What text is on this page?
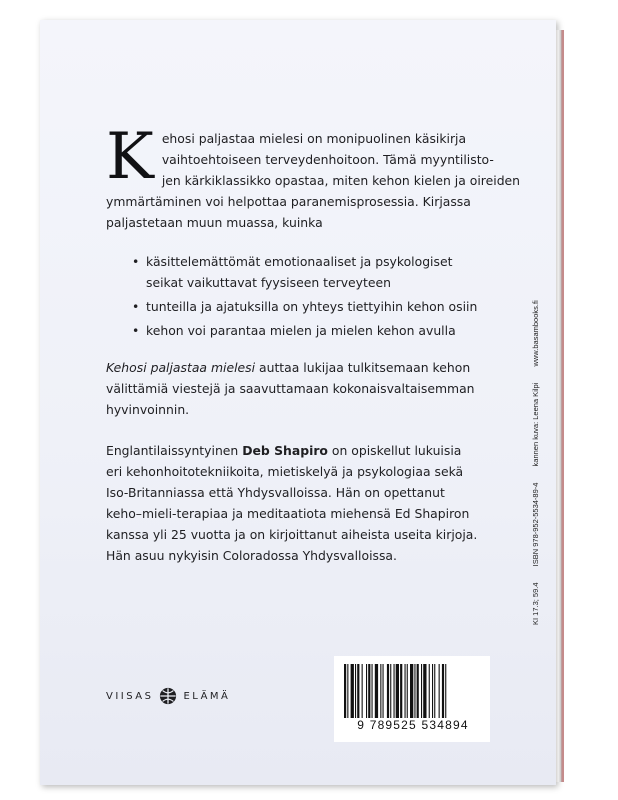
K ehosi paljastaa mielesi on monipuolinen käsikirja
vaihtoehtoiseen terveydenhoitoon. Tämä myyntilisto-
jen kärkiklassikko opastaa, miten kehon kielen ja oireiden
ymmärtäminen voi helpottaa paranemisprosessia. Kirjassa
paljastetaan muun muassa, kuinka

• käsittelemättömät emotionaaliset ja psykologiset
seikat vaikuttavat fyysiseen terveyteen
• tunteilla ja ajatuksilla on yhteys tiettyihin kehon osiin
• kehon voi parantaa mielen ja mielen kehon avulla

Kehosi paljastaa mielesi auttaa lukijaa tulkitsemaan kehon
välittämiä viestejä ja saavuttamaan kokonaisvaltaisemman
hyvinvoinnin.

Englantilaissyntyinen Deb Shapiro on opiskellut lukuisia
eri kehonhoitotekniikoita, mietiskelyä ja psykologiaa sekä
Iso-Britanniassa että Yhdysvalloissa. Hän on opettanut
keho–mieli-terapiaa ja meditaatiota miehensä Ed Shapiron
kanssa yli 25 vuotta ja on kirjoittanut aiheista useita kirjoja.
Hän asuu nykyisin Coloradossa Yhdysvalloissa.

VIISAS	ELÄMÄ
9 789525 534894
KI 17.3; 59.4 ISBN 978-952-5534-89-4 kannen kuva: Leena Kilpi www.basambooks.fi
